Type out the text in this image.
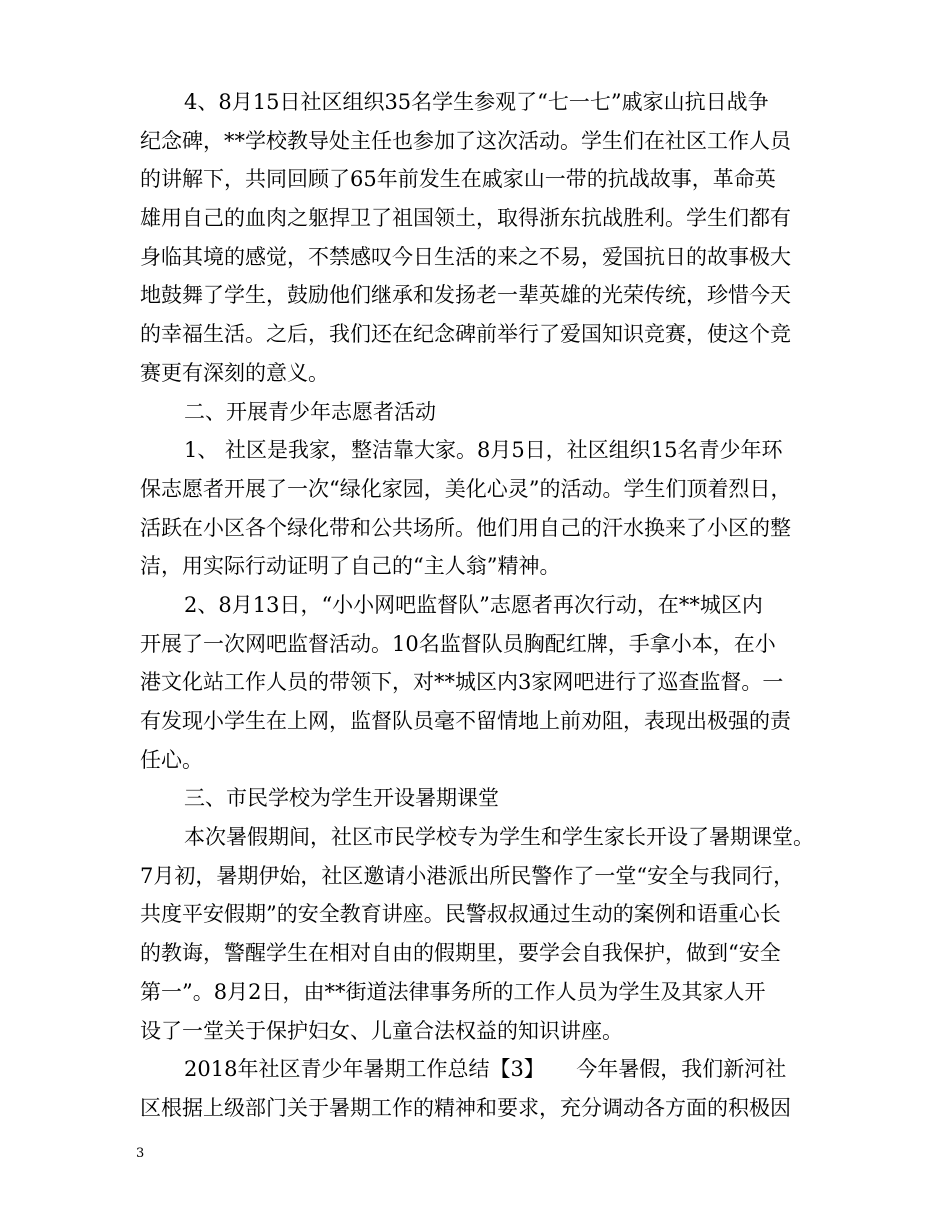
4、8月15日社区组织35名学生参观了“七一七”戚家山抗日战争
纪念碑，**学校教导处主任也参加了这次活动。学生们在社区工作人员
的讲解下，共同回顾了65年前发生在戚家山一带的抗战故事，革命英
雄用自己的血肉之躯捍卫了祖国领土，取得浙东抗战胜利。学生们都有
身临其境的感觉，不禁感叹今日生活的来之不易，爱国抗日的故事极大
地鼓舞了学生，鼓励他们继承和发扬老一辈英雄的光荣传统，珍惜今天
的幸福生活。之后，我们还在纪念碑前举行了爱国知识竞赛，使这个竞
赛更有深刻的意义。
二、开展青少年志愿者活动
1、 社区是我家，整洁靠大家。8月5日，社区组织15名青少年环
保志愿者开展了一次“绿化家园，美化心灵”的活动。学生们顶着烈日，
活跃在小区各个绿化带和公共场所。他们用自己的汗水换来了小区的整
洁，用实际行动证明了自己的“主人翁”精神。
2、8月13日，“小小网吧监督队”志愿者再次行动，在**城区内
开展了一次网吧监督活动。10名监督队员胸配红牌，手拿小本，在小
港文化站工作人员的带领下，对**城区内3家网吧进行了巡查监督。一
有发现小学生在上网，监督队员毫不留情地上前劝阻，表现出极强的责
任心。
三、市民学校为学生开设暑期课堂
本次暑假期间，社区市民学校专为学生和学生家长开设了暑期课堂。
7月初，暑期伊始，社区邀请小港派出所民警作了一堂“安全与我同行，
共度平安假期”的安全教育讲座。民警叔叔通过生动的案例和语重心长
的教诲，警醒学生在相对自由的假期里，要学会自我保护，做到“安全
第一”。8月2日，由**街道法律事务所的工作人员为学生及其家人开
设了一堂关于保护妇女、儿童合法权益的知识讲座。
2018年社区青少年暑期工作总结【3】　　今年暑假，我们新河社
区根据上级部门关于暑期工作的精神和要求，充分调动各方面的积极因
3
